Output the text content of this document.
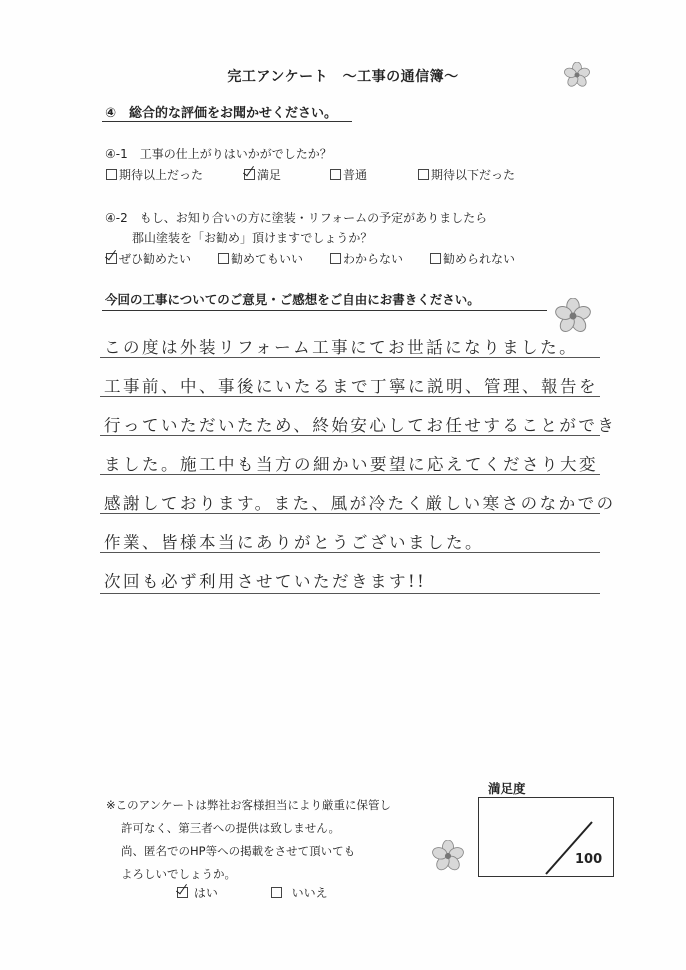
完工アンケート　～工事の通信簿～
④　総合的な評価をお聞かせください。
④-1　工事の仕上がりはいかがでしたか？
期待以上だった	満足	普通	期待以下だった
④-2　もし、お知り合いの方に塗装・リフォームの予定がありましたら
郡山塗装を「お勧め」頂けますでしょうか？
ぜひ勧めたい	勧めてもいい	わからない	勧められない
今回の工事についてのご意見・ご感想をご自由にお書きください。
この度は外装リフォーム工事にてお世話になりました。
工事前、中、事後にいたるまで丁寧に説明、管理、報告を
行っていただいたため、終始安心してお任せすることができ
ました。施工中も当方の細かい要望に応えてくださり大変
感謝しております。また、風が冷たく厳しい寒さのなかでの
作業、皆様本当にありがとうございました。
次回も必ず利用させていただきます!!
※このアンケートは弊社お客様担当により厳重に保管し
許可なく、第三者への提供は致しません。
尚、匿名でのHP等への掲載をさせて頂いても
よろしいでしょうか。
はい	いいえ
満足度
100
